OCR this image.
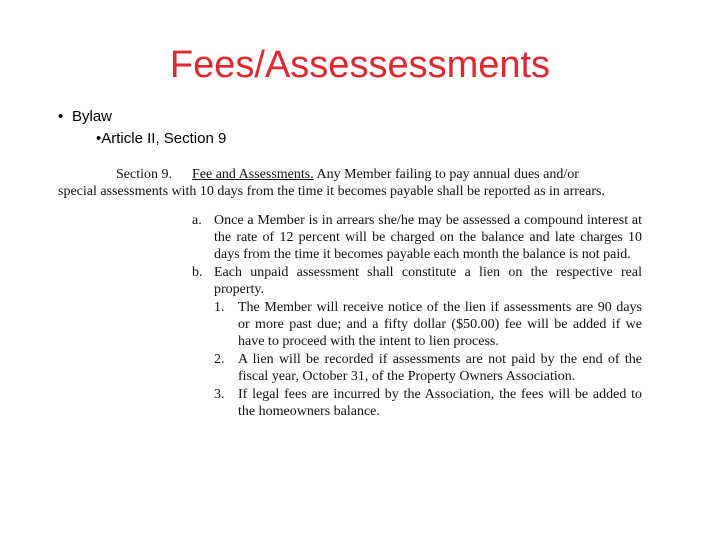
Fees/Assessessments
• Bylaw
•Article II, Section 9
Section 9. Fee and Assessments. Any Member failing to pay annual dues and/or
special assessments with 10 days from the time it becomes payable shall be reported as in arrears.
a. Once a Member is in arrears she/he may be assessed a compound interest at the rate of 12 percent will be charged on the balance and late charges 10 days from the time it becomes payable each month the balance is not paid.
b. Each unpaid assessment shall constitute a lien on the respective real property.
1. The Member will receive notice of the lien if assessments are 90 days or more past due; and a fifty dollar ($50.00) fee will be added if we have to proceed with the intent to lien process.
2. A lien will be recorded if assessments are not paid by the end of the fiscal year, October 31, of the Property Owners Association.
3. If legal fees are incurred by the Association, the fees will be added to the homeowners balance.
